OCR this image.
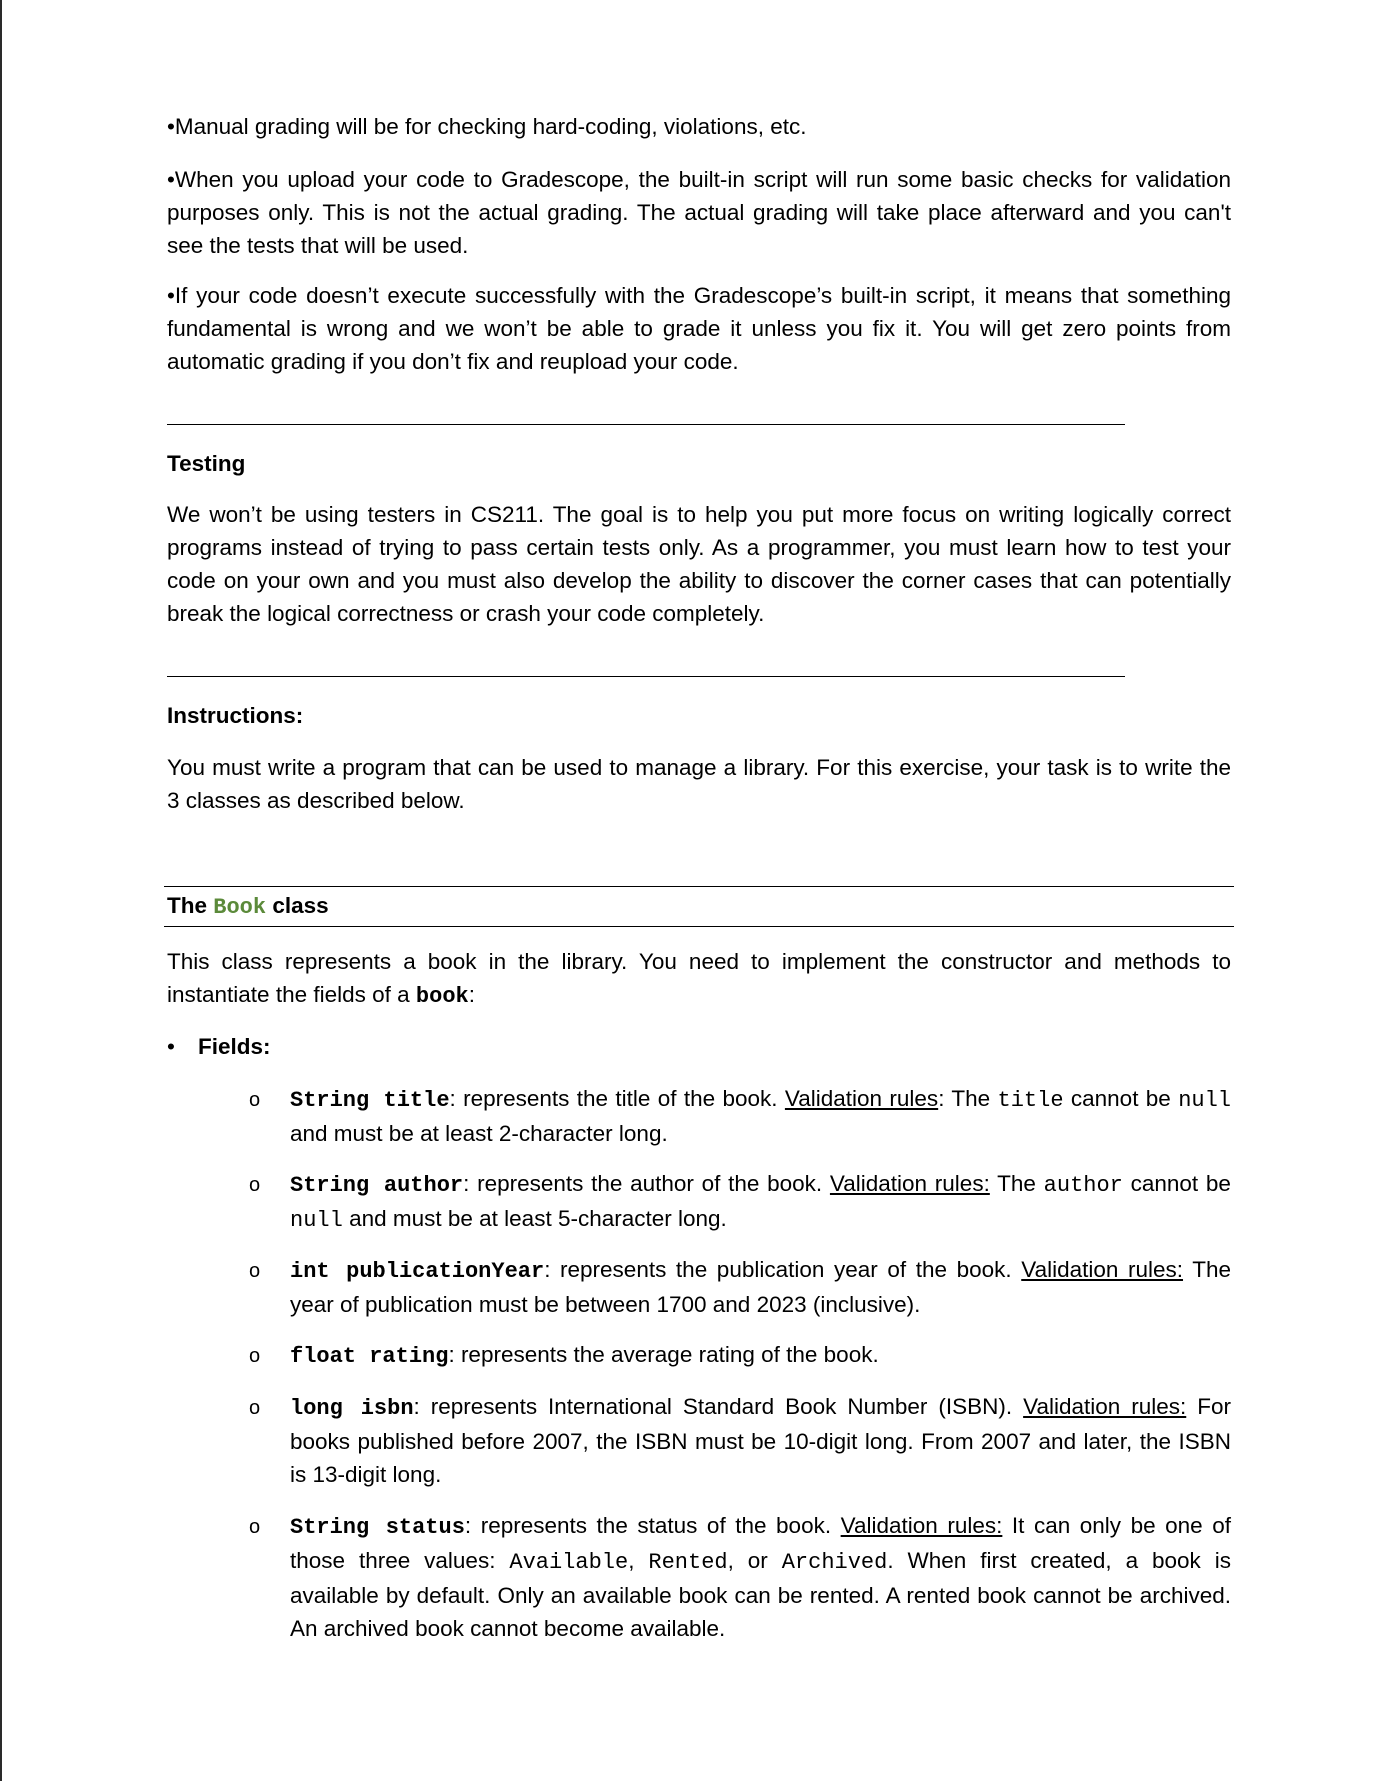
•Manual grading will be for checking hard-coding, violations, etc.
•When you upload your code to Gradescope, the built-in script will run some basic checks for validation purposes only. This is not the actual grading. The actual grading will take place afterward and you can't see the tests that will be used.
•If your code doesn’t execute successfully with the Gradescope’s built-in script, it means that something fundamental is wrong and we won’t be able to grade it unless you fix it. You will get zero points from automatic grading if you don’t fix and reupload your code.
Testing
We won’t be using testers in CS211. The goal is to help you put more focus on writing logically correct programs instead of trying to pass certain tests only. As a programmer, you must learn how to test your code on your own and you must also develop the ability to discover the corner cases that can potentially break the logical correctness or crash your code completely.
Instructions:
You must write a program that can be used to manage a library. For this exercise, your task is to write the 3 classes as described below.
The Book class
This class represents a book in the library. You need to implement the constructor and methods to instantiate the fields of a book:
•	Fields:
o String title: represents the title of the book. Validation rules: The title cannot be null and must be at least 2-character long.
o String author: represents the author of the book. Validation rules: The author cannot be null and must be at least 5-character long.
o int publicationYear: represents the publication year of the book. Validation rules: The year of publication must be between 1700 and 2023 (inclusive).
o float rating: represents the average rating of the book.
o long isbn: represents International Standard Book Number (ISBN). Validation rules: For books published before 2007, the ISBN must be 10-digit long. From 2007 and later, the ISBN is 13-digit long.
o String status: represents the status of the book. Validation rules: It can only be one of those three values: Available, Rented, or Archived. When first created, a book is available by default. Only an available book can be rented. A rented book cannot be archived. An archived book cannot become available.
